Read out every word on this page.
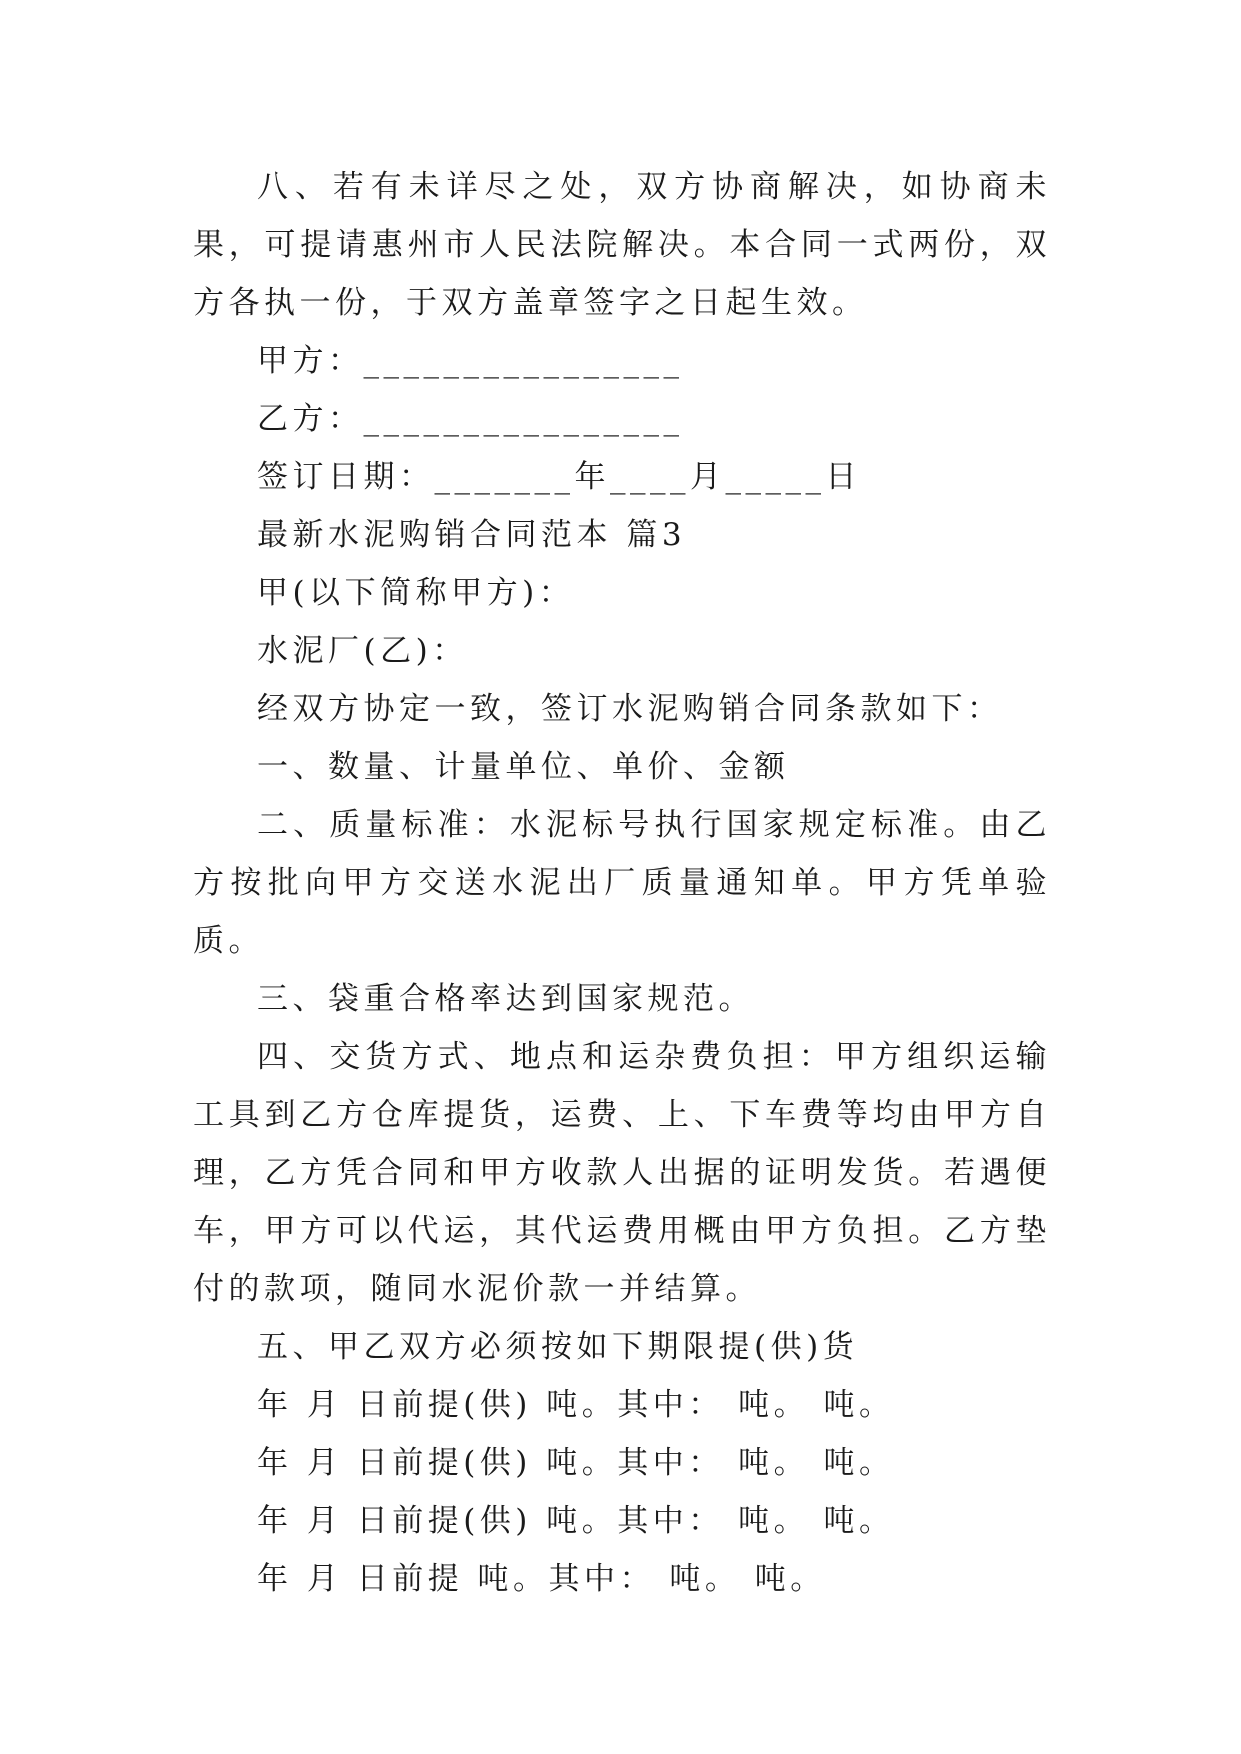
八、若有未详尽之处，双方协商解决，如协商未果，可提请惠州市人民法院解决。本合同一式两份，双方各执一份，于双方盖章签字之日起生效。

甲方：________________

乙方：________________

签订日期：_______年____月_____日

最新水泥购销合同范本 篇3

甲(以下简称甲方)：

水泥厂(乙)：

经双方协定一致，签订水泥购销合同条款如下：

一、数量、计量单位、单价、金额

二、质量标准：水泥标号执行国家规定标准。由乙方按批向甲方交送水泥出厂质量通知单。甲方凭单验质。

三、袋重合格率达到国家规范。

四、交货方式、地点和运杂费负担：甲方组织运输工具到乙方仓库提货，运费、上、下车费等均由甲方自理，乙方凭合同和甲方收款人出据的证明发货。若遇便车，甲方可以代运，其代运费用概由甲方负担。乙方垫付的款项，随同水泥价款一并结算。

五、甲乙双方必须按如下期限提(供)货

年 月 日前提(供) 吨。其中： 吨。 吨。

年 月 日前提(供) 吨。其中： 吨。 吨。

年 月 日前提(供) 吨。其中： 吨。 吨。

年 月 日前提 吨。其中： 吨。 吨。
